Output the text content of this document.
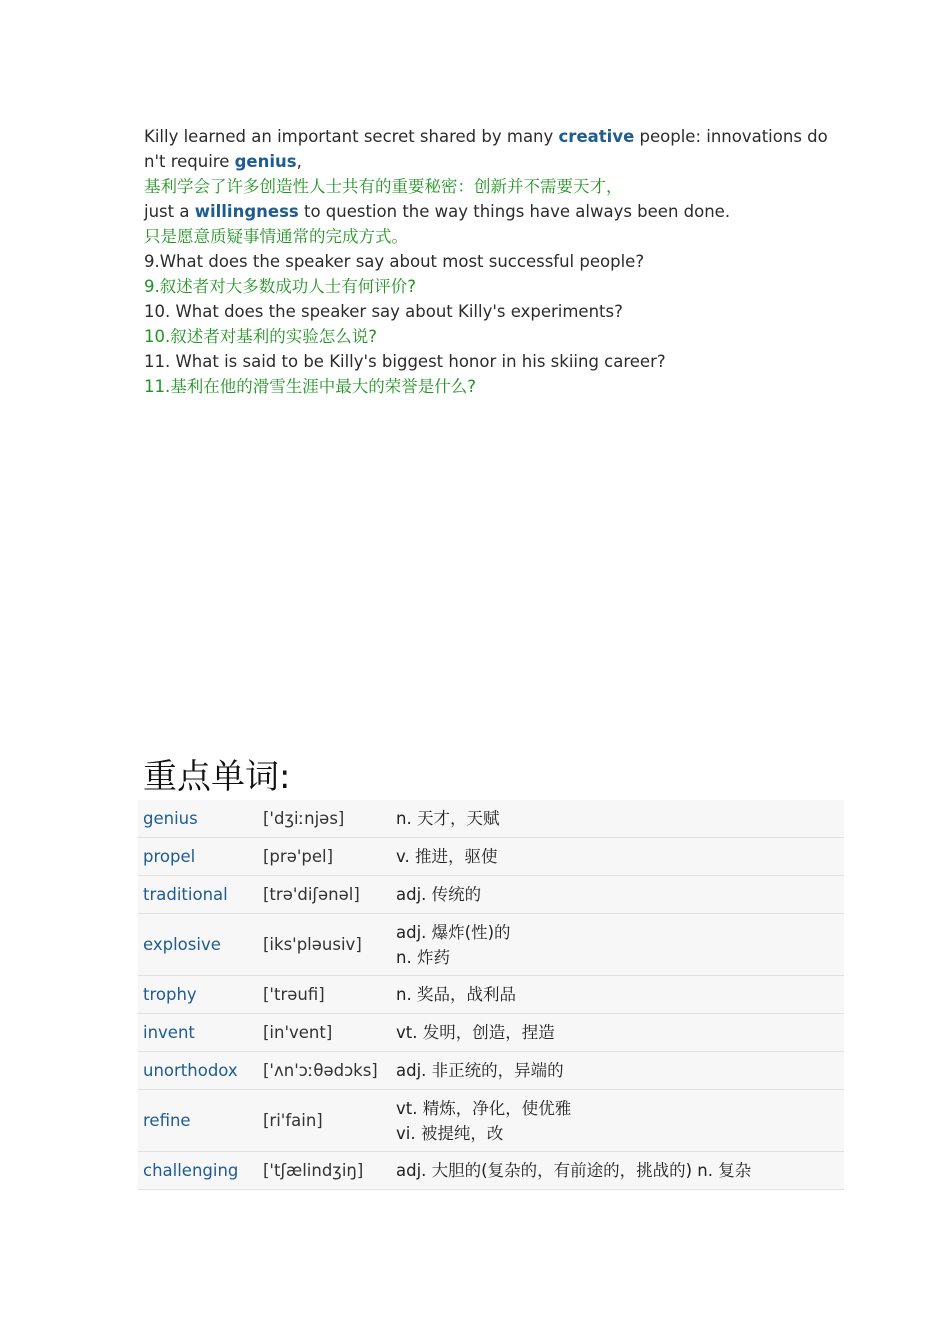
Killy learned an important secret shared by many creative people: innovations do
n't require genius,
基利学会了许多创造性人士共有的重要秘密：创新并不需要天才，
just a willingness to question the way things have always been done.
只是愿意质疑事情通常的完成方式。
9.What does the speaker say about most successful people?
9.叙述者对大多数成功人士有何评价?
10. What does the speaker say about Killy's experiments?
10.叙述者对基利的实验怎么说?
11. What is said to be Killy's biggest honor in his skiing career?
11.基利在他的滑雪生涯中最大的荣誉是什么?
重点单词:
genius	['dʒiːnjəs]	n. 天才，天赋

propel	[prə'pel]	v. 推进，驱使

traditional	[trə'diʃənəl]	adj. 传统的

explosive	[iks'pləusiv]	adj. 爆炸(性)的
n. 炸药

trophy	['trəufi]	n. 奖品，战利品

invent	[in'vent]	vt. 发明，创造，捏造

unorthodox	['ʌn'ɔːθədɔks]	adj. 非正统的，异端的

refine	[ri'fain]	vt. 精炼，净化，使优雅
vi. 被提纯，改

challenging	['tʃælindʒiŋ]	adj. 大胆的(复杂的，有前途的，挑战的) n. 复杂
